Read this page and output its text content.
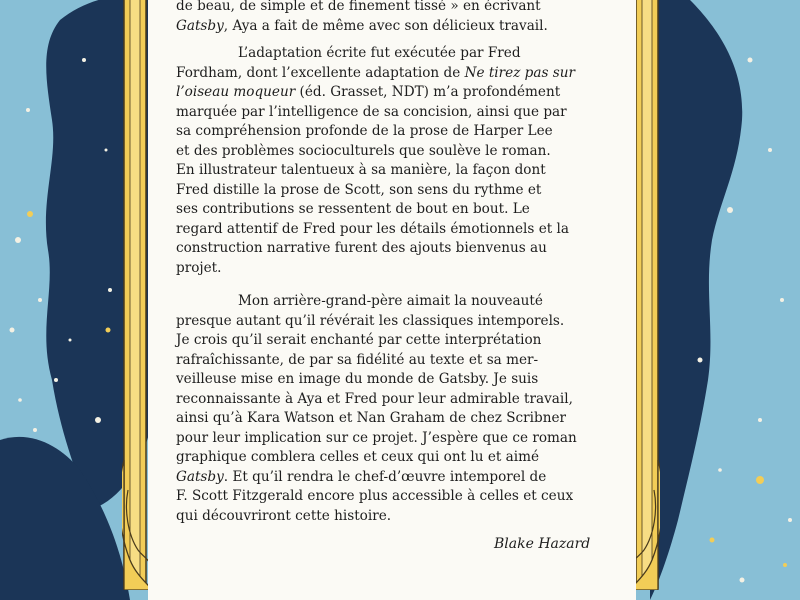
de beau, de simple et de finement tissé » en écrivant
Gatsby, Aya a fait de même avec son délicieux travail.
L’adaptation écrite fut exécutée par Fred
Fordham, dont l’excellente adaptation de Ne tirez pas sur
l’oiseau moqueur (éd. Grasset, NDT) m’a profondément
marquée par l’intelligence de sa concision, ainsi que par
sa compréhension profonde de la prose de Harper Lee
et des problèmes socioculturels que soulève le roman.
En illustrateur talentueux à sa manière, la façon dont
Fred distille la prose de Scott, son sens du rythme et
ses contributions se ressentent de bout en bout. Le
regard attentif de Fred pour les détails émotionnels et la
construction narrative furent des ajouts bienvenus au
projet.
Mon arrière-grand-père aimait la nouveauté
presque autant qu’il révérait les classiques intemporels.
Je crois qu’il serait enchanté par cette interprétation
rafraîchissante, de par sa fidélité au texte et sa mer-
veilleuse mise en image du monde de Gatsby. Je suis
reconnaissante à Aya et Fred pour leur admirable travail,
ainsi qu’à Kara Watson et Nan Graham de chez Scribner
pour leur implication sur ce projet. J’espère que ce roman
graphique comblera celles et ceux qui ont lu et aimé
Gatsby. Et qu’il rendra le chef-d’œuvre intemporel de
F. Scott Fitzgerald encore plus accessible à celles et ceux
qui découvriront cette histoire.
Blake Hazard
